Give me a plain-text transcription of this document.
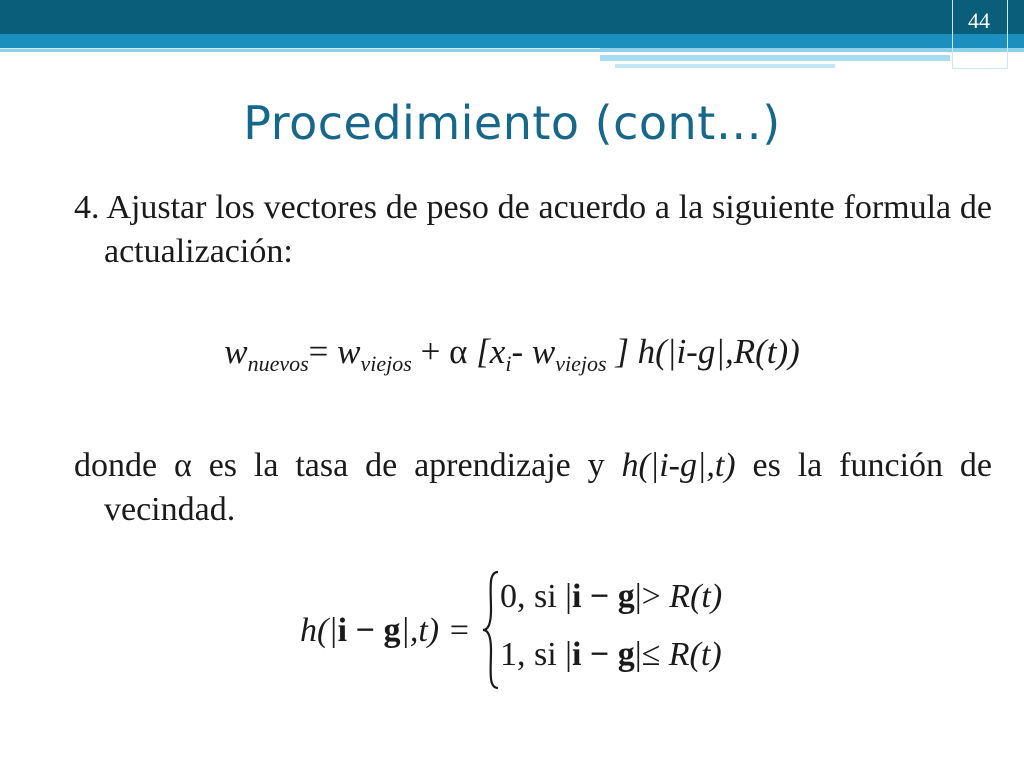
44
Procedimiento (cont…)
4. Ajustar los vectores de peso de acuerdo a la siguiente formula de actualización:
$w_{nuevos}= w_{viejos} + \alpha$ [$x_i-$ $w_{viejos}$ ] h(|i-g|,R(t))
donde α es la tasa de aprendizaje y h(|i-g|,t) es la función de vecindad.
h(|i − g|,t) =
0, si |i − g|> R(t)
1, si |i − g|≤ R(t)
